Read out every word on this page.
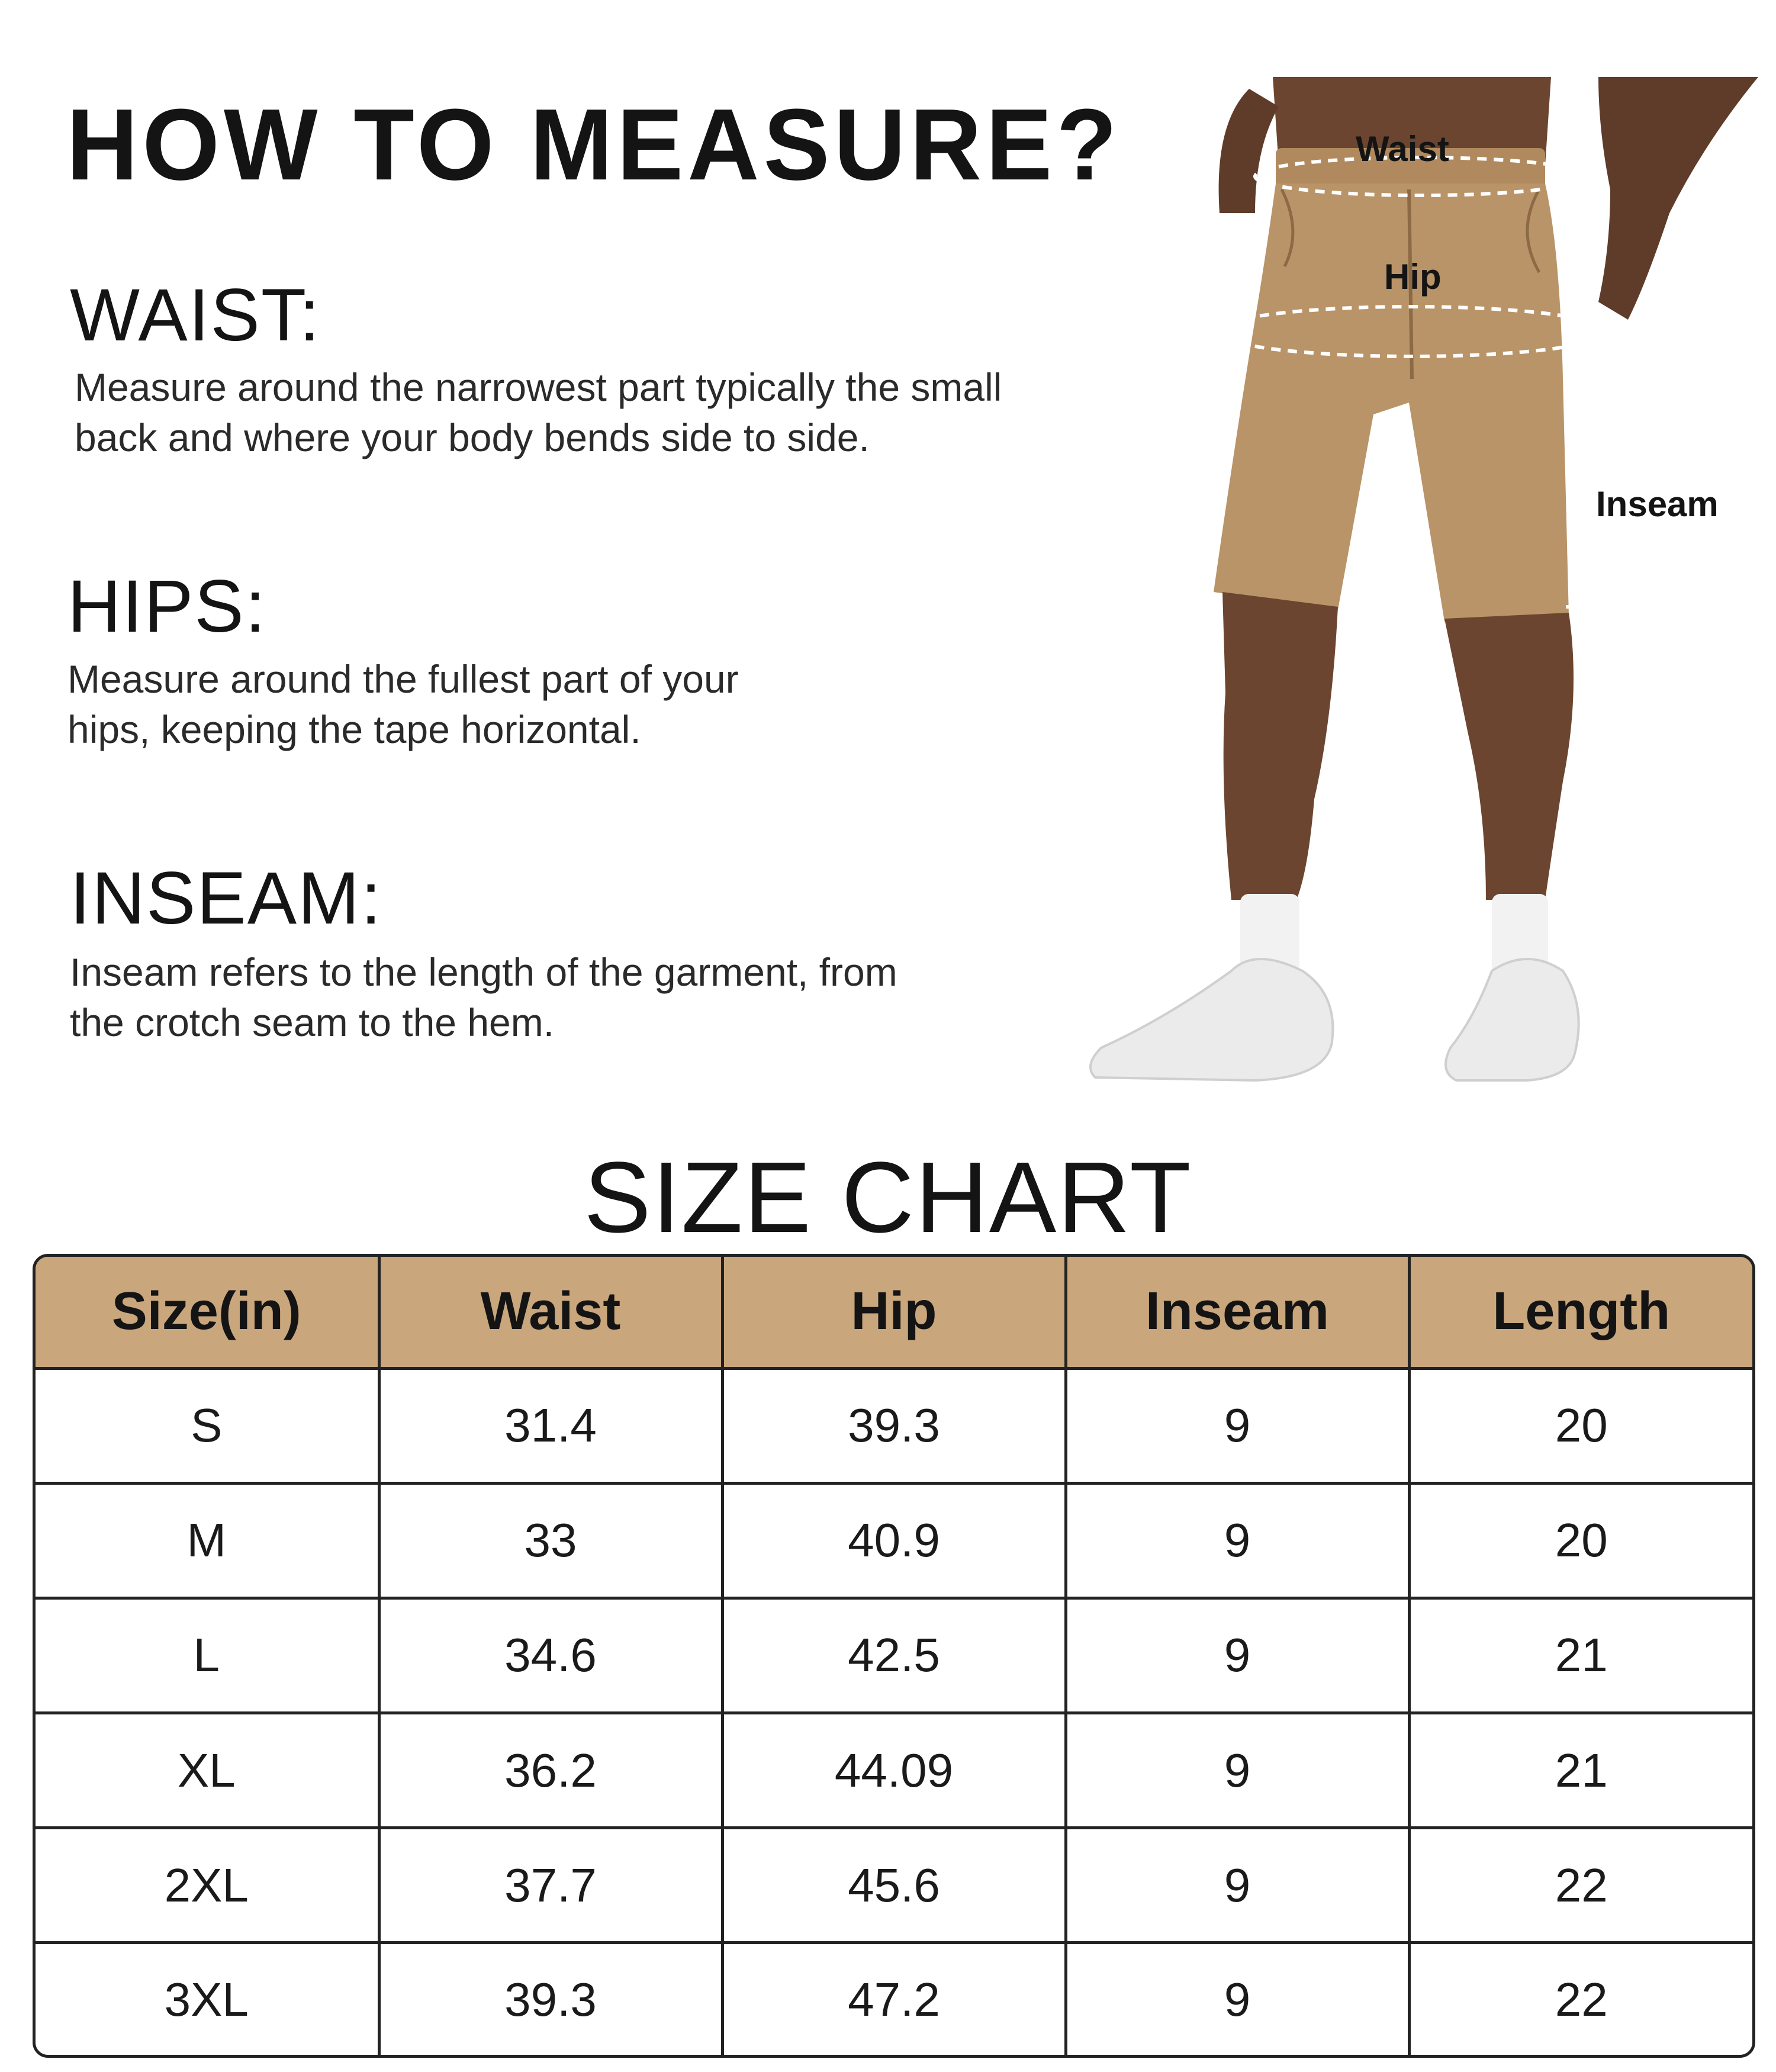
HOW TO MEASURE?
WAIST:

Measure around the narrowest part typically the small
back and where your body bends side to side.

HIPS:

Measure around the fullest part of your
hips, keeping the tape horizontal.

INSEAM:

Inseam refers to the length of the garment, from
the crotch seam to the hem.

Waist
Hip
Inseam
SIZE CHART
Size(in)	Waist	Hip	Inseam	Length
S	31.4	39.3	9	20
M	33	40.9	9	20
L	34.6	42.5	9	21
XL	36.2	44.09	9	21
2XL	37.7	45.6	9	22
3XL	39.3	47.2	9	22
